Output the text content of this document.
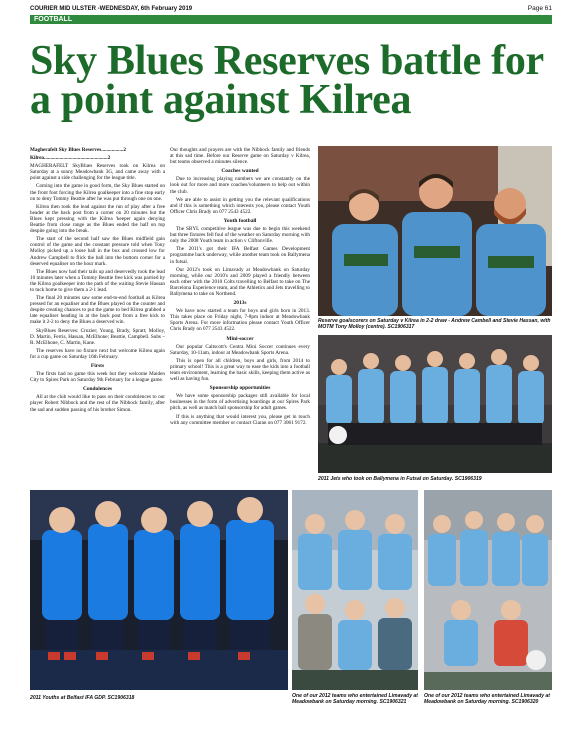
COURIER MID ULSTER -WEDNESDAY, 6th February 2019	Page 61
FOOTBALL
Sky Blues Reserves battle for a point against Kilrea

Magherafelt Sky Blues Reserves.................2

Kilrea.................................................2

MAGHERAFELT SkyBlues Reserves took on Kilrea on Saturday at a sunny Meadowbank 3G, and came away with a point against a side challenging for the league title.

Coming into the game in good form, the Sky Blues started on the front foot forcing the Kilrea goalkeeper into a fine stop early on to deny Tommy Beattie after he was put through one on one.

Kilrea then took the lead against the run of play after a free header at the back post from a corner on 20 minutes but the Blues kept pressing with the Kilrea 'keeper again denying Beattie from close range as the Blues ended the half on top despite going into the break.

The start of the second half saw the Blues midfield gain control of the game and the constant pressure told when Tony Molloy picked up a loose ball in the box and crossed low for Andrew Campbell to flick the ball into the bottom corner for a deserved equaliser on the hour mark.

The Blues now had their tails up and deservedly took the lead 10 minutes later when a Tommy Beattie free kick was parried by the Kilrea goalkeeper into the path of the waiting Stevie Hassan to tuck home to give them a 2-1 lead.

The final 20 minutes saw some end-to-end football as Kilrea pressed for an equaliser and the Blues played on the counter and despite creating chances to put the game to bed Kilrea grabbed a late equaliser heading in at the back post from a free kick to make it 2-2 to deny the Blues a deserved win.

SkyBlues Reserves: Crozier; Young, Brady, Spratt; Molloy, D. Martin, Ferris, Hassan, McElhone; Beattie, Campbell. Subs – R. McElhone, C. Martin, Kane.

The reserves have no fixture next but welcome Kilrea again for a cup game on Saturday 16th February.

Firsts

The firsts had no game this week but they welcome Maiden City to Spires Park on Saturday 9th February for a league game.

Condolences

All at the club would like to pass on their condolences to our player Robert Nibbock and the rest of the Nibbock family, after the sad and sudden passing of his brother Simon.

Our thoughts and prayers are with the Nibbock family and friends at this sad time. Before our Reserve game on Saturday v Kilrea, but teams observed a minutes silence.

Coaches wanted

Due to increasing playing numbers we are constantly on the look out for more and more coaches/volunteers to help out within the club.

We are able to assist in getting you the relevant qualifications and if this is something which interests you, please contact Youth Officer Chris Brady on 077 2543 4522.

Youth football

The SBYL competitive league was due to begin this weekend but three fixtures fell foul of the weather on Saturday morning with only the 2008 Youth team in action v Cliftonville.

The 2011's got their IFA Belfast Games Development programme back underway, while another team took on Ballymena in futsal.

Our 2012's took on Limavady at Meadowbank on Saturday morning, while our 2010's and 2009 played a friendly between each other with the 2010 Colts travelling to Belfast to take on The Barcelona Experience team, and the Athletics and Jets travelling to Ballymena to take on Northend.

2013s

We have now started a team for boys and girls born in 2013. This takes place on Friday night, 7-8pm indoor at Meadowbank Sports Arena. For more information please contact Youth Officer Chris Brady on 077 2543 4522.

Mini-soccer

Our popular Caltscott's Centra Mini Soccer continues every Saturday, 10-11am, indoor at Meadowbank Sports Arena.

This is open for all children, boys and girls, from 2014 to primary school! This is a great way to ease the kids into a football team environment, learning the basic skills, keeping them active as well as having fun.

Sponsorship opportunities

We have some sponsorship packages still available for local businesses in the form of advertising hoardings at our Spires Park pitch, as well as match ball sponsorship for adult games.

If this is anything that would interest you, please get in touch with any committee member or contact Ciaran on 077 3061 9172.

Reserve goalscorers on Saturday v Kilrea in 2-2 draw - Andrew Cambell and Stevie Hassan, with MOTM Tony Molloy (centre). SC1906317
2011 Jets who took on Ballymena in Futsal on Saturday. SC1906319
2011 Youths at Belfast IFA GDP. SC1906318	One of our 2012 teams who entertained Limavady at Meadowbank on Saturday morning. SC1906321
One of our 2012 teams who entertained Limavady at Meadowbank on Saturday morning. SC1906320
